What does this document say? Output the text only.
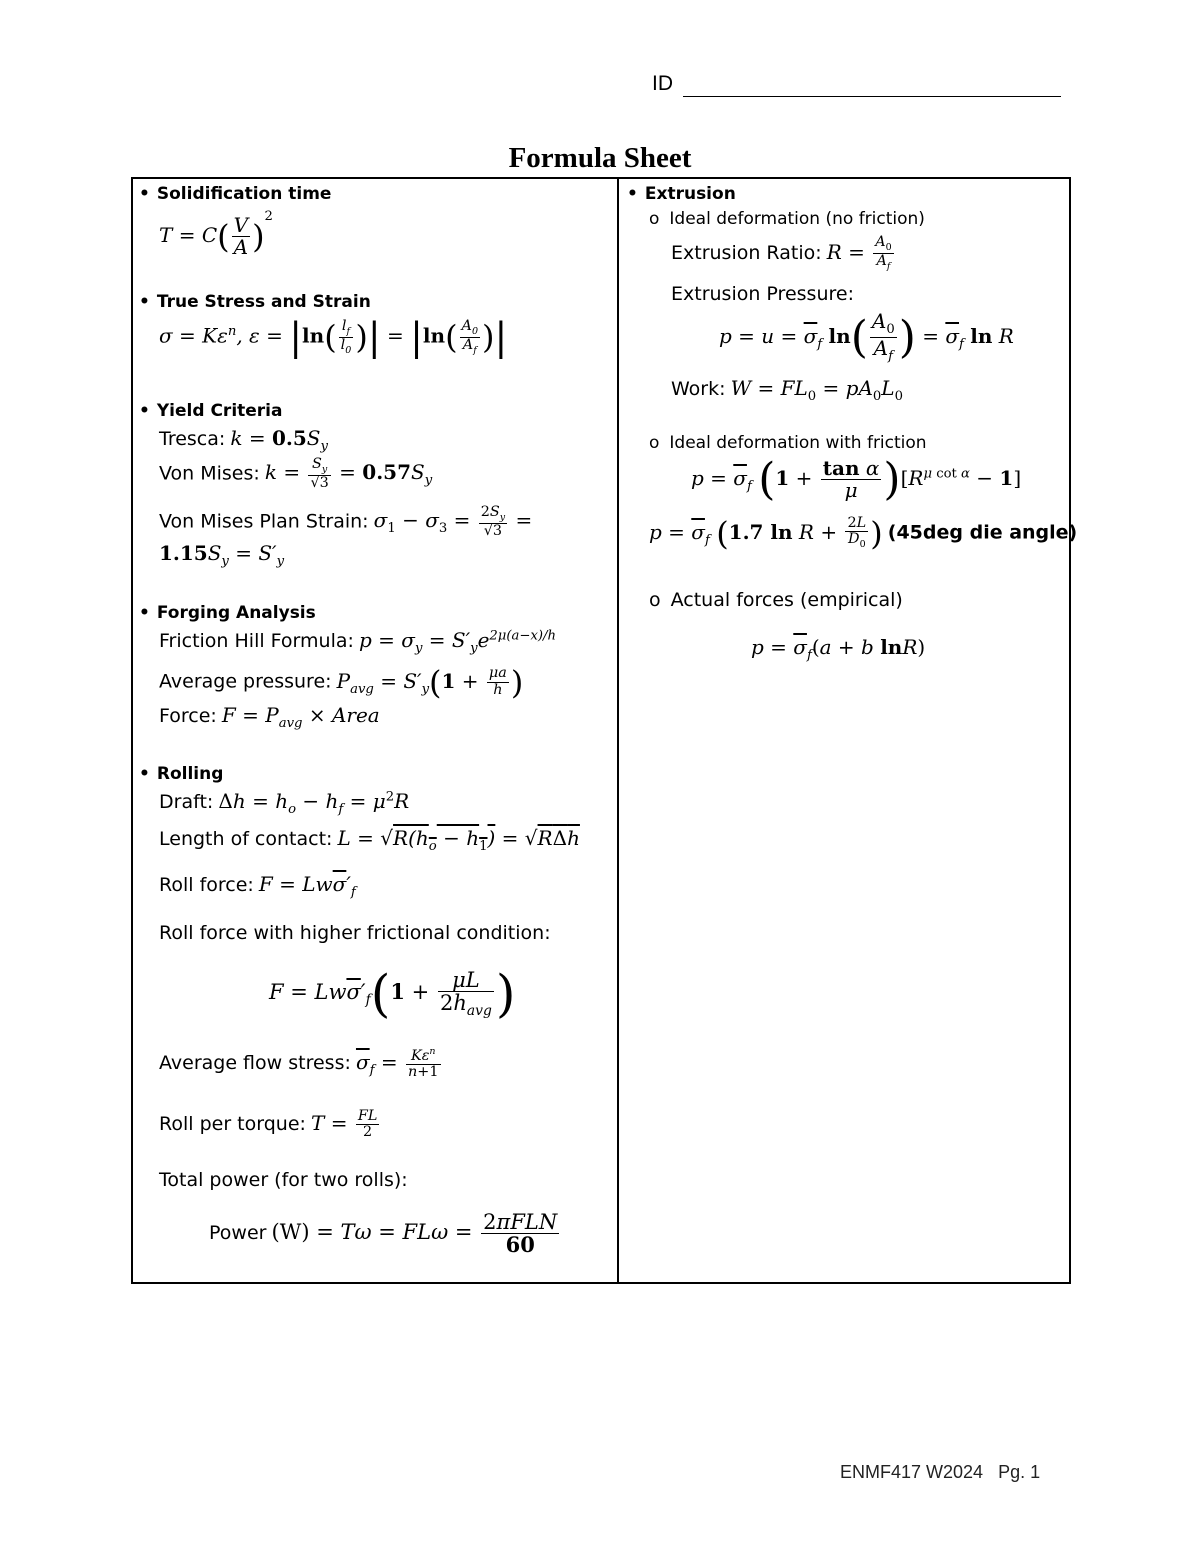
ID
Formula Sheet
• Solidification time
$T = C( \frac{V}{A} )^2$
• True Stress and Strain
$\sigma = K\varepsilon^n$, $\varepsilon = |\ln( \frac{l_f}{l_0}$ )| = $|\ln( \frac{A_0}{A_f}$ )|
• Yield Criteria
Tresca: $k = 0.5S_y$
Von Mises: $k = \frac{S_y}{√3} = 0.57S_y$
Von Mises Plan Strain: $\sigma_1 - \sigma_3 = \frac{2S_y}{√3}$ =
$1.15S_y = S'_y$
• Forging Analysis
Friction Hill Formula: $p = \sigma_y = S'_ye^{2\mu(a-x)/h}$
Average pressure: $P_{avg} = S'_y(1 + \frac{\mu a}{h}$ )
Force: $F = P_{avg}$ × Area
• Rolling
Draft: $\Delta h = h_o - h_f = \mu^2R$
Length of contact: $L = √R(h_o - h_1) = √R\Delta h$
Roll force: $F = Lw\overline{\sigma}'_f$
Roll force with higher frictional condition:
$F = Lw\overline{\sigma}'_f(1 + \frac{\mu L}{2h_{avg}}$ )
Average flow stress: $\overline{\sigma}_f = \frac{K\varepsilon^n}{n+1}$
Roll per torque: $T = \frac{FL}{2}$
Total power (for two rolls):
Power $(W) = T\omega = FL\omega = \frac{\text{2πFLN}}{60}$
• Extrusion
o Ideal deformation (no friction)
Extrusion Ratio: $R = \frac{A_0}{A_f}$
Extrusion Pressure:
$p = u = \overline{\sigma}_f$ $\ln( \frac{A_0}{A_f}$ ) = $\overline{\sigma}_f$ ln R
Work: $W = FL_0 = pA_0L_0$
o Ideal deformation with friction
$p = \overline{\sigma}_f$ $(1 + \frac{\text{tan α}}{\mu} )[R^{\mu cot \alpha} - 1]$
$p = \overline{\sigma}_f$ (1.7 $\ln R + \frac{2L}{D_0}$ ) (45deg die angle)
o Actual forces (empirical)
$p = \overline{\sigma}_f(a + b$ lnR)
ENMF417 W2024 Pg. 1
